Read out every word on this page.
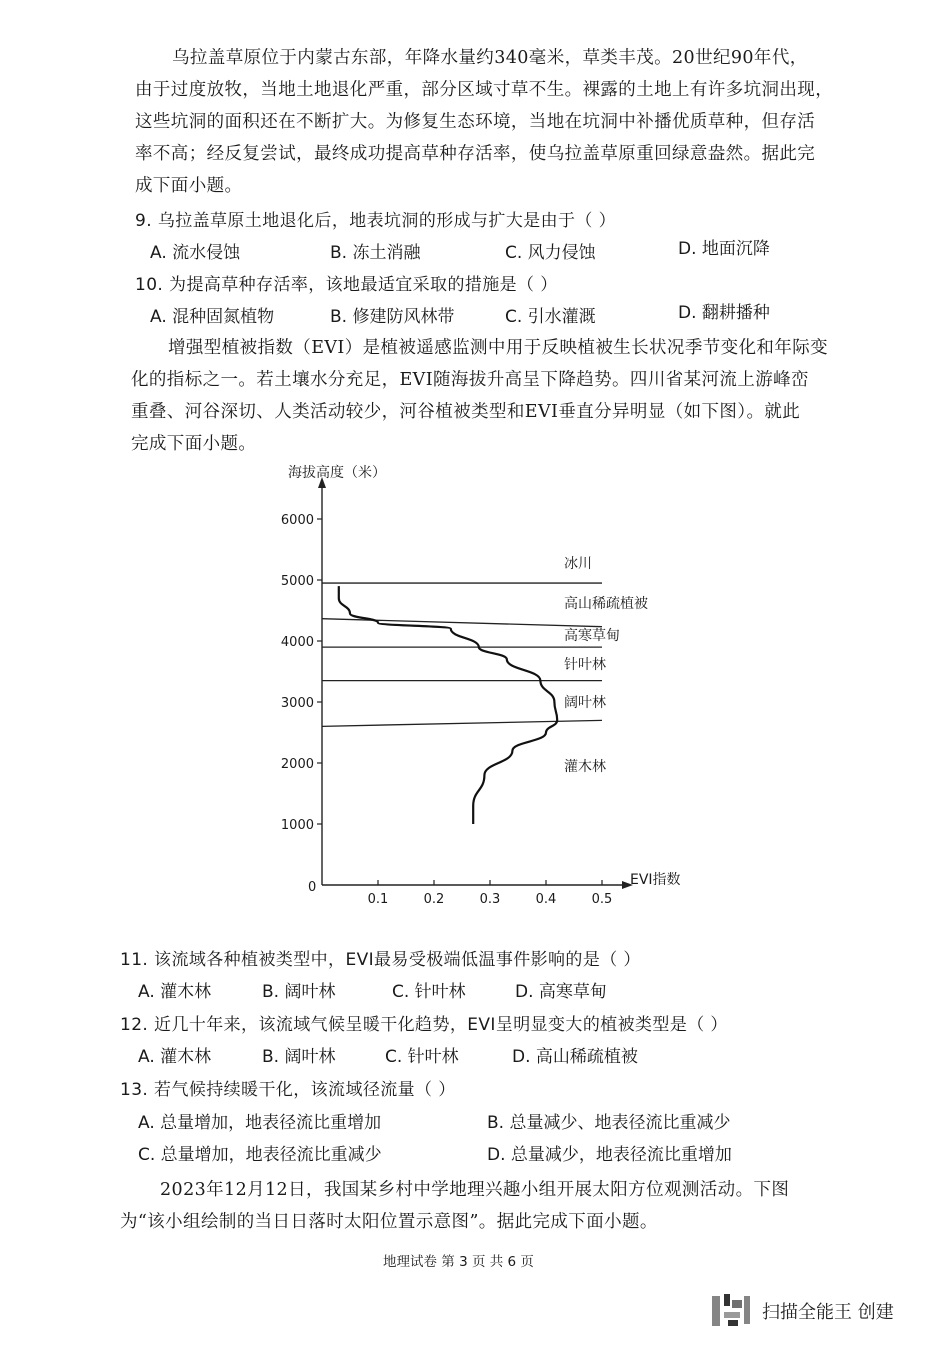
乌拉盖草原位于内蒙古东部，年降水量约340毫米，草类丰茂。20世纪90年代，
由于过度放牧，当地土地退化严重，部分区域寸草不生。裸露的土地上有许多坑洞出现，
这些坑洞的面积还在不断扩大。为修复生态环境，当地在坑洞中补播优质草种，但存活
率不高；经反复尝试，最终成功提高草种存活率，使乌拉盖草原重回绿意盎然。据此完
成下面小题。
9. 乌拉盖草原土地退化后，地表坑洞的形成与扩大是由于（ ）
A. 流水侵蚀	B. 冻土消融	C. 风力侵蚀	D. 地面沉降
10. 为提高草种存活率，该地最适宜采取的措施是（ ）
A. 混种固氮植物	B. 修建防风林带	C. 引水灌溉	D. 翻耕播种
增强型植被指数（EVI）是植被遥感监测中用于反映植被生长状况季节变化和年际变
化的指标之一。若土壤水分充足，EVI随海拔升高呈下降趋势。四川省某河流上游峰峦
重叠、河谷深切、人类活动较少，河谷植被类型和EVI垂直分异明显（如下图）。就此
完成下面小题。
海拔高度（米）
EVI指数
0
1000
2000
3000
4000
5000
6000
0.1	0.2	0.3	0.4	0.5
冰川
高山稀疏植被
高寒草甸
针叶林
阔叶林
灌木林
11. 该流域各种植被类型中，EVI最易受极端低温事件影响的是（ ）
A. 灌木林	B. 阔叶林	C. 针叶林	D. 高寒草甸
12. 近几十年来，该流域气候呈暖干化趋势，EVI呈明显变大的植被类型是（ ）
A. 灌木林	B. 阔叶林	C. 针叶林	D. 高山稀疏植被
13. 若气候持续暖干化，该流域径流量（ ）
A. 总量增加，地表径流比重增加	B. 总量减少、地表径流比重减少
C. 总量增加，地表径流比重减少	D. 总量减少，地表径流比重增加
2023年12月12日，我国某乡村中学地理兴趣小组开展太阳方位观测活动。下图
为“该小组绘制的当日日落时太阳位置示意图”。据此完成下面小题。
地理试卷 第 3 页 共 6 页
扫描全能王 创建
